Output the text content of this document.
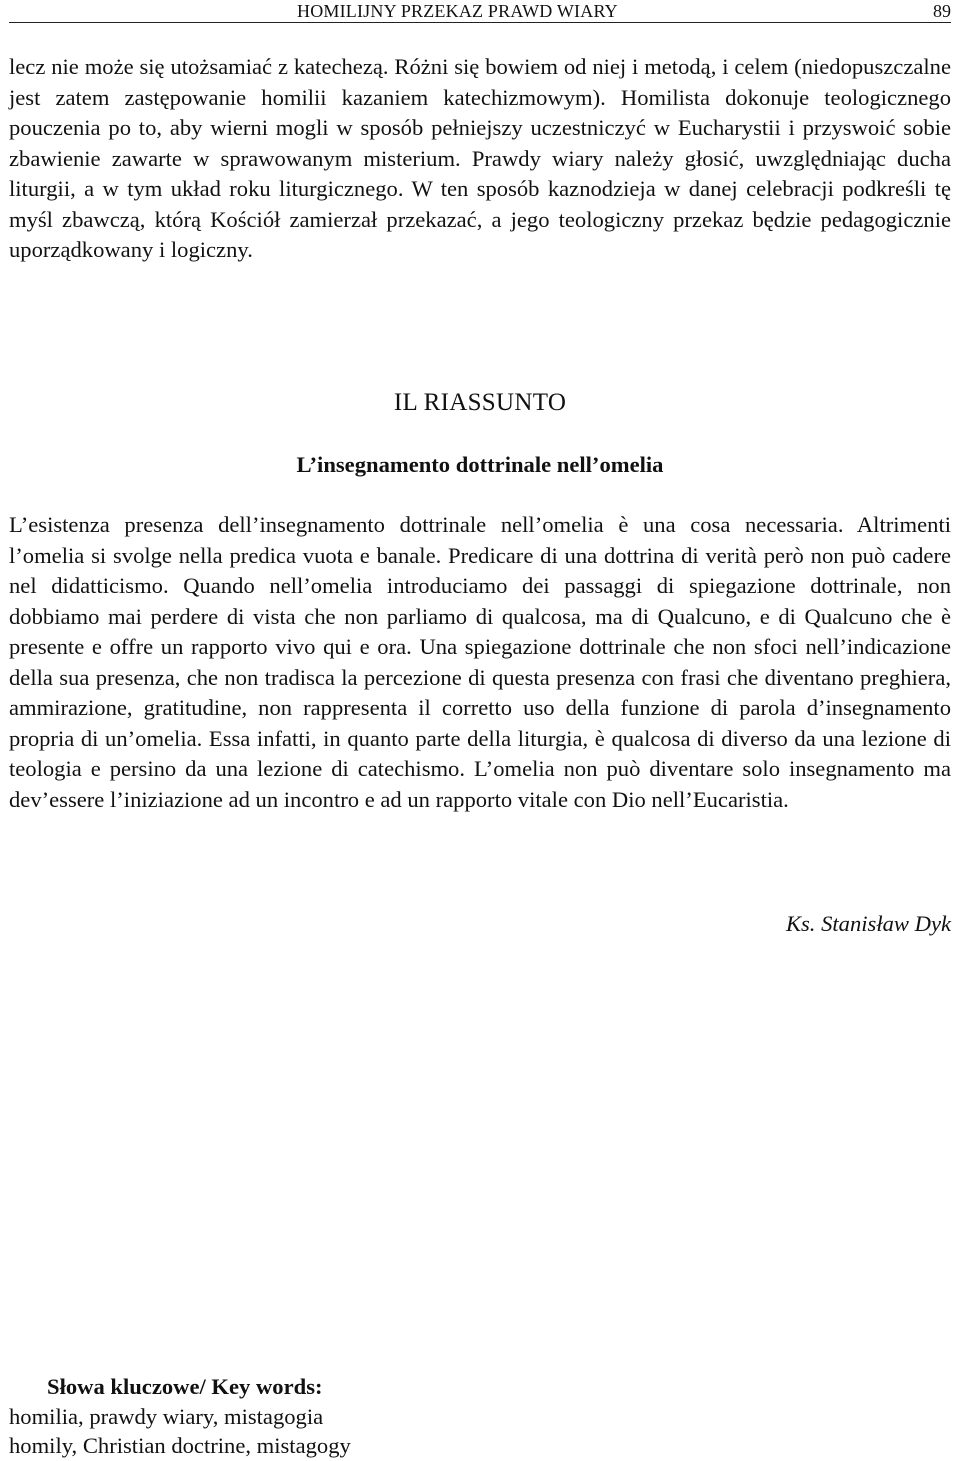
HOMILIJNY PRZEKAZ PRAWD WIARY	89

lecz nie może się utożsamiać z katechezą. Różni się bowiem od niej i metodą, i celem (niedopuszczalne jest zatem zastępowanie homilii kazaniem katechizmowym). Homilista dokonuje teologicznego pouczenia po to, aby wierni mogli w sposób pełniejszy uczestniczyć w Eucharystii i przyswoić sobie zbawienie zawarte w sprawowanym misterium. Prawdy wiary należy głosić, uwzględniając ducha liturgii, a w tym układ roku liturgicznego. W ten sposób kaznodzieja w danej celebracji podkreśli tę myśl zbawczą, którą Kościół zamierzał przekazać, a jego teologiczny przekaz będzie pedagogicznie uporządkowany i logiczny.

IL RIASSUNTO
L’insegnamento dottrinale nell’omelia

L’esistenza presenza dell’insegnamento dottrinale nell’omelia è una cosa necessaria. Altrimenti l’omelia si svolge nella predica vuota e banale. Predicare di una dottrina di verità però non può cadere nel didatticismo. Quando nell’omelia introduciamo dei passaggi di spiegazione dottrinale, non dobbiamo mai perdere di vista che non parliamo di qualcosa, ma di Qualcuno, e di Qualcuno che è presente e offre un rapporto vivo qui e ora. Una spiegazione dottrinale che non sfoci nell’indicazione della sua presenza, che non tradisca la percezione di questa presenza con frasi che diventano preghiera, ammirazione, gratitudine, non rappresenta il corretto uso della funzione di parola d’insegnamento propria di un’omelia. Essa infatti, in quanto parte della liturgia, è qualcosa di diverso da una lezione di teologia e persino da una lezione di catechismo. L’omelia non può diventare solo insegnamento ma dev’essere l’iniziazione ad un incontro e ad un rapporto vitale con Dio nell’Eucaristia.

Ks. Stanisław Dyk
Słowa kluczowe/ Key words:
homilia, prawdy wiary, mistagogia
homily, Christian doctrine, mistagogy
